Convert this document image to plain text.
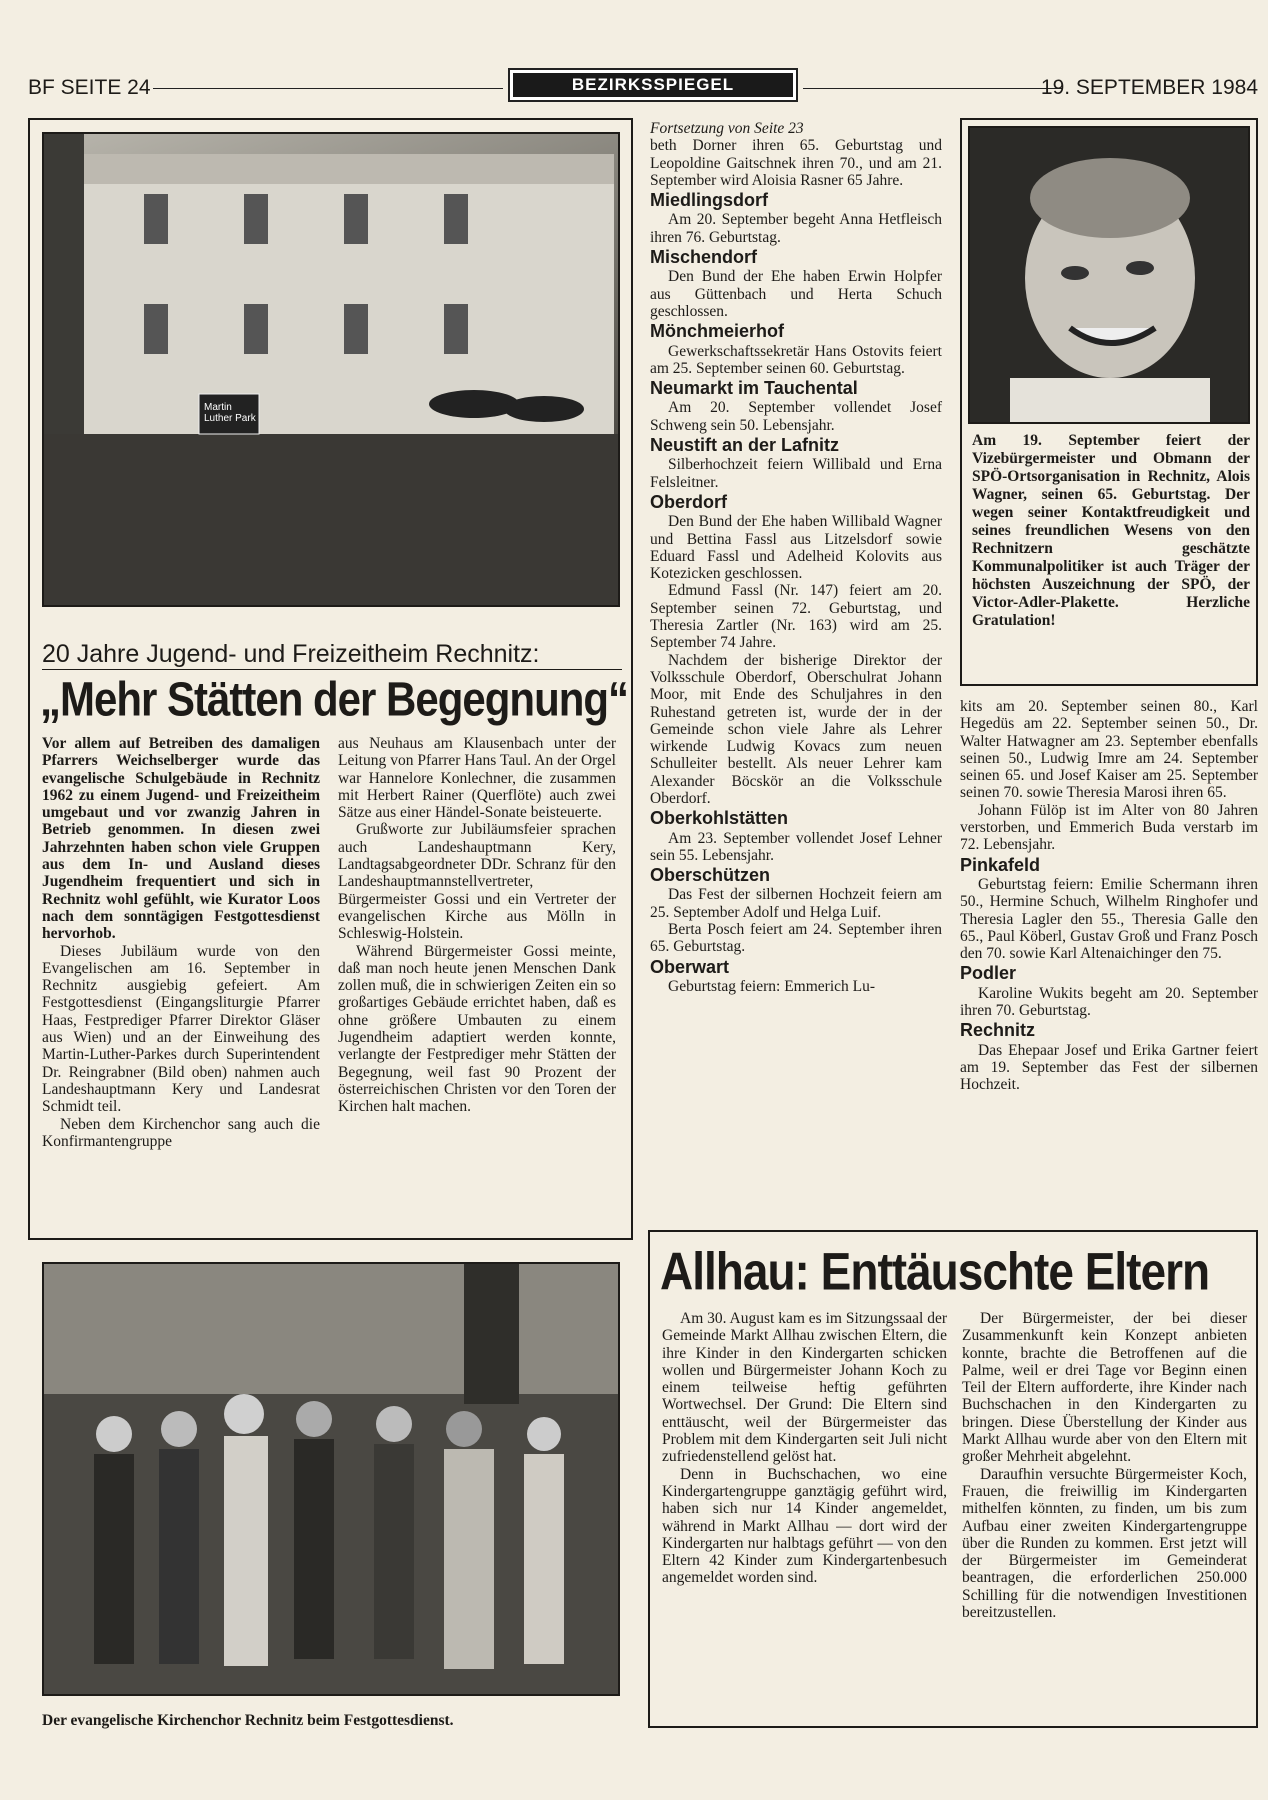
BF SEITE 24	BEZIRKSSPIEGEL	19. SEPTEMBER 1984
Martin Luther Park
20 Jahre Jugend- und Freizeitheim Rechnitz:
„Mehr Stätten der Begegnung“

Vor allem auf Betreiben des damaligen Pfarrers Weichselberger wurde das evangelische Schulgebäude in Rechnitz 1962 zu einem Jugend- und Freizeitheim umgebaut und vor zwanzig Jahren in Betrieb genommen. In diesen zwei Jahrzehnten haben schon viele Gruppen aus dem In- und Ausland dieses Jugendheim frequentiert und sich in Rechnitz wohl gefühlt, wie Kurator Loos nach dem sonntägigen Festgottesdienst hervorhob.

Dieses Jubiläum wurde von den Evangelischen am 16. September in Rechnitz ausgiebig gefeiert. Am Festgottesdienst (Eingangsliturgie Pfarrer Haas, Festprediger Pfarrer Direktor Gläser aus Wien) und an der Einweihung des Martin-Luther-Parkes durch Superintendent Dr. Reingrabner (Bild oben) nahmen auch Landeshauptmann Kery und Landesrat Schmidt teil.

Neben dem Kirchenchor sang auch die Konfirmantengruppe

aus Neuhaus am Klausenbach unter der Leitung von Pfarrer Hans Taul. An der Orgel war Hannelore Konlechner, die zusammen mit Herbert Rainer (Querflöte) auch zwei Sätze aus einer Händel-Sonate beisteuerte.

Grußworte zur Jubiläumsfeier sprachen auch Landeshauptmann Kery, Landtagsabgeordneter DDr. Schranz für den Landeshauptmannstellvertreter, Bürgermeister Gossi und ein Vertreter der evangelischen Kirche aus Mölln in Schleswig-Holstein.

Während Bürgermeister Gossi meinte, daß man noch heute jenen Menschen Dank zollen muß, die in schwierigen Zeiten ein so großartiges Gebäude errichtet haben, daß es ohne größere Umbauten zu einem Jugendheim adaptiert werden konnte, verlangte der Festprediger mehr Stätten der Begegnung, weil fast 90 Prozent der österreichischen Christen vor den Toren der Kirchen halt machen.

Der evangelische Kirchenchor Rechnitz beim Festgottesdienst.
Fortsetzung von Seite 23

beth Dorner ihren 65. Geburtstag und Leopoldine Gaitschnek ihren 70., und am 21. September wird Aloisia Rasner 65 Jahre.

Miedlingsdorf

Am 20. September begeht Anna Hetfleisch ihren 76. Geburtstag.

Mischendorf

Den Bund der Ehe haben Erwin Holpfer aus Güttenbach und Herta Schuch geschlossen.

Mönchmeierhof

Gewerkschaftssekretär Hans Ostovits feiert am 25. September seinen 60. Geburtstag.

Neumarkt im Tauchental

Am 20. September vollendet Josef Schweng sein 50. Lebensjahr.

Neustift an der Lafnitz

Silberhochzeit feiern Willibald und Erna Felsleitner.

Oberdorf

Den Bund der Ehe haben Willibald Wagner und Bettina Fassl aus Litzelsdorf sowie Eduard Fassl und Adelheid Kolovits aus Kotezicken geschlossen.

Edmund Fassl (Nr. 147) feiert am 20. September seinen 72. Geburtstag, und Theresia Zartler (Nr. 163) wird am 25. September 74 Jahre.

Nachdem der bisherige Direktor der Volksschule Oberdorf, Oberschulrat Johann Moor, mit Ende des Schuljahres in den Ruhestand getreten ist, wurde der in der Gemeinde schon viele Jahre als Lehrer wirkende Ludwig Kovacs zum neuen Schulleiter bestellt. Als neuer Lehrer kam Alexander Böcskör an die Volksschule Oberdorf.

Oberkohlstätten

Am 23. September vollendet Josef Lehner sein 55. Lebensjahr.

Oberschützen

Das Fest der silbernen Hochzeit feiern am 25. September Adolf und Helga Luif.

Berta Posch feiert am 24. September ihren 65. Geburtstag.

Oberwart

Geburtstag feiern: Emmerich Lu-

Am 19. September feiert der Vizebürgermeister und Obmann der SPÖ-Ortsorganisation in Rechnitz, Alois Wagner, seinen 65. Geburtstag. Der wegen seiner Kontaktfreudigkeit und seines freundlichen Wesens von den Rechnitzern geschätzte Kommunalpolitiker ist auch Träger der höchsten Auszeichnung der SPÖ, der Victor-Adler-Plakette. Herzliche Gratulation!

kits am 20. September seinen 80., Karl Hegedüs am 22. September seinen 50., Dr. Walter Hatwagner am 23. September ebenfalls seinen 50., Ludwig Imre am 24. September seinen 65. und Josef Kaiser am 25. September seinen 70. sowie Theresia Marosi ihren 65.

Johann Fülöp ist im Alter von 80 Jahren verstorben, und Emmerich Buda verstarb im 72. Lebensjahr.

Pinkafeld

Geburtstag feiern: Emilie Schermann ihren 50., Hermine Schuch, Wilhelm Ringhofer und Theresia Lagler den 55., Theresia Galle den 65., Paul Köberl, Gustav Groß und Franz Posch den 70. sowie Karl Altenaichinger den 75.

Podler

Karoline Wukits begeht am 20. September ihren 70. Geburtstag.

Rechnitz

Das Ehepaar Josef und Erika Gartner feiert am 19. September das Fest der silbernen Hochzeit.

Allhau: Enttäuschte Eltern

Am 30. August kam es im Sitzungssaal der Gemeinde Markt Allhau zwischen Eltern, die ihre Kinder in den Kindergarten schicken wollen und Bürgermeister Johann Koch zu einem teilweise heftig geführten Wortwechsel. Der Grund: Die Eltern sind enttäuscht, weil der Bürgermeister das Problem mit dem Kindergarten seit Juli nicht zufriedenstellend gelöst hat.

Denn in Buchschachen, wo eine Kindergartengruppe ganztägig geführt wird, haben sich nur 14 Kinder angemeldet, während in Markt Allhau — dort wird der Kindergarten nur halbtags geführt — von den Eltern 42 Kinder zum Kindergartenbesuch angemeldet worden sind.

Der Bürgermeister, der bei dieser Zusammenkunft kein Konzept anbieten konnte, brachte die Betroffenen auf die Palme, weil er drei Tage vor Beginn einen Teil der Eltern aufforderte, ihre Kinder nach Buchschachen in den Kindergarten zu bringen. Diese Überstellung der Kinder aus Markt Allhau wurde aber von den Eltern mit großer Mehrheit abgelehnt.

Daraufhin versuchte Bürgermeister Koch, Frauen, die freiwillig im Kindergarten mithelfen könnten, zu finden, um bis zum Aufbau einer zweiten Kindergartengruppe über die Runden zu kommen. Erst jetzt will der Bürgermeister im Gemeinderat beantragen, die erforderlichen 250.000 Schilling für die notwendigen Investitionen bereitzustellen.
